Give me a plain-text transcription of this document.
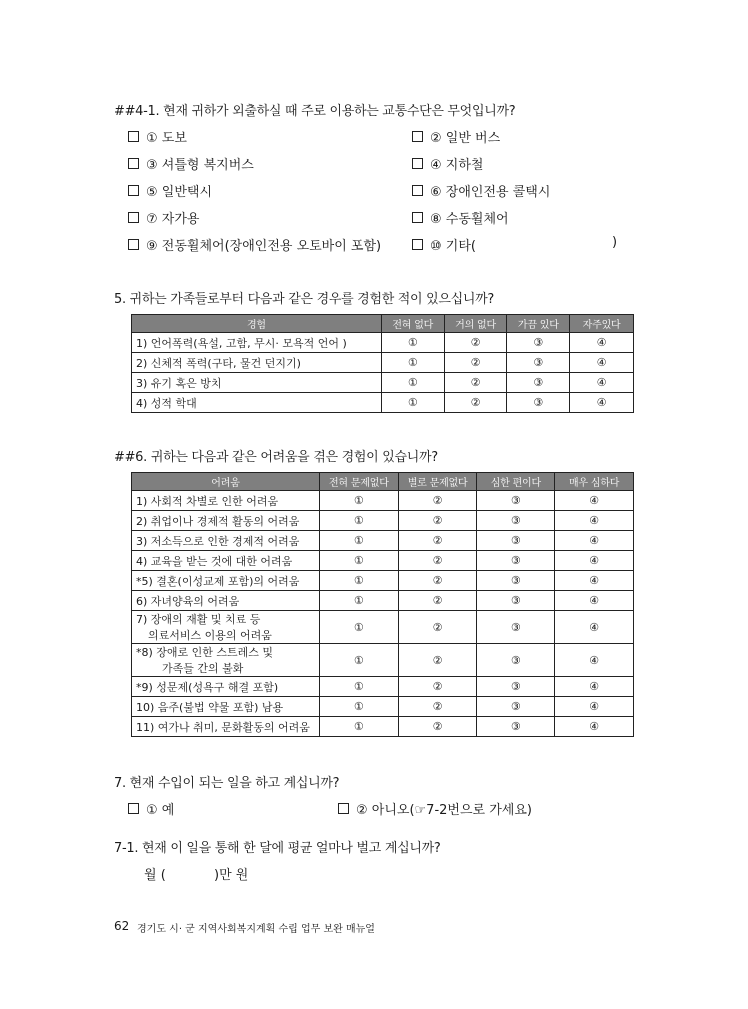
##4-1. 현재 귀하가 외출하실 때 주로 이용하는 교통수단은 무엇입니까?
① 도보	② 일반 버스
③ 셔틀형 복지버스	④ 지하철
⑤ 일반택시	⑥ 장애인전용 콜택시
⑦ 자가용	⑧ 수동휠체어
⑨ 전동휠체어(장애인전용 오토바이 포함)	⑩ 기타(	)
5. 귀하는 가족들로부터 다음과 같은 경우를 경험한 적이 있으십니까?
경험	전혀 없다	거의 없다	가끔 있다	자주있다
1) 언어폭력(욕설, 고함, 무시· 모욕적 언어 )	①	②	③	④
2) 신체적 폭력(구타, 물건 던지기)	①	②	③	④
3) 유기 혹은 방치	①	②	③	④
4) 성적 학대	①	②	③	④
##6. 귀하는 다음과 같은 어려움을 겪은 경험이 있습니까?
어려움	전혀 문제없다	별로 문제없다	심한 편이다	매우 심하다
1) 사회적 차별로 인한 어려움	①	②	③	④
2) 취업이나 경제적 활동의 어려움	①	②	③	④
3) 저소득으로 인한 경제적 어려움	①	②	③	④
4) 교육을 받는 것에 대한 어려움	①	②	③	④
*5) 결혼(이성교제 포함)의 어려움	①	②	③	④
6) 자녀양육의 어려움	①	②	③	④

7) 장애의 재활 및 치료 등
의료서비스 이용의 어려움	①	②	③	④

*8) 장애로 인한 스트레스 및
가족들 간의 불화	①	②	③	④
*9) 성문제(성욕구 해결 포함)	①	②	③	④
10) 음주(불법 약물 포함) 남용	①	②	③	④
11) 여가나 취미, 문화활동의 어려움	①	②	③	④
7. 현재 수입이 되는 일을 하고 계십니까?
① 예	② 아니오(☞7-2번으로 가세요)
7-1. 현재 이 일을 통해 한 달에 평균 얼마나 벌고 계십니까?
월 (	)만 원
62 경기도 시· 군 지역사회복지계획 수립 업무 보완 매뉴얼
